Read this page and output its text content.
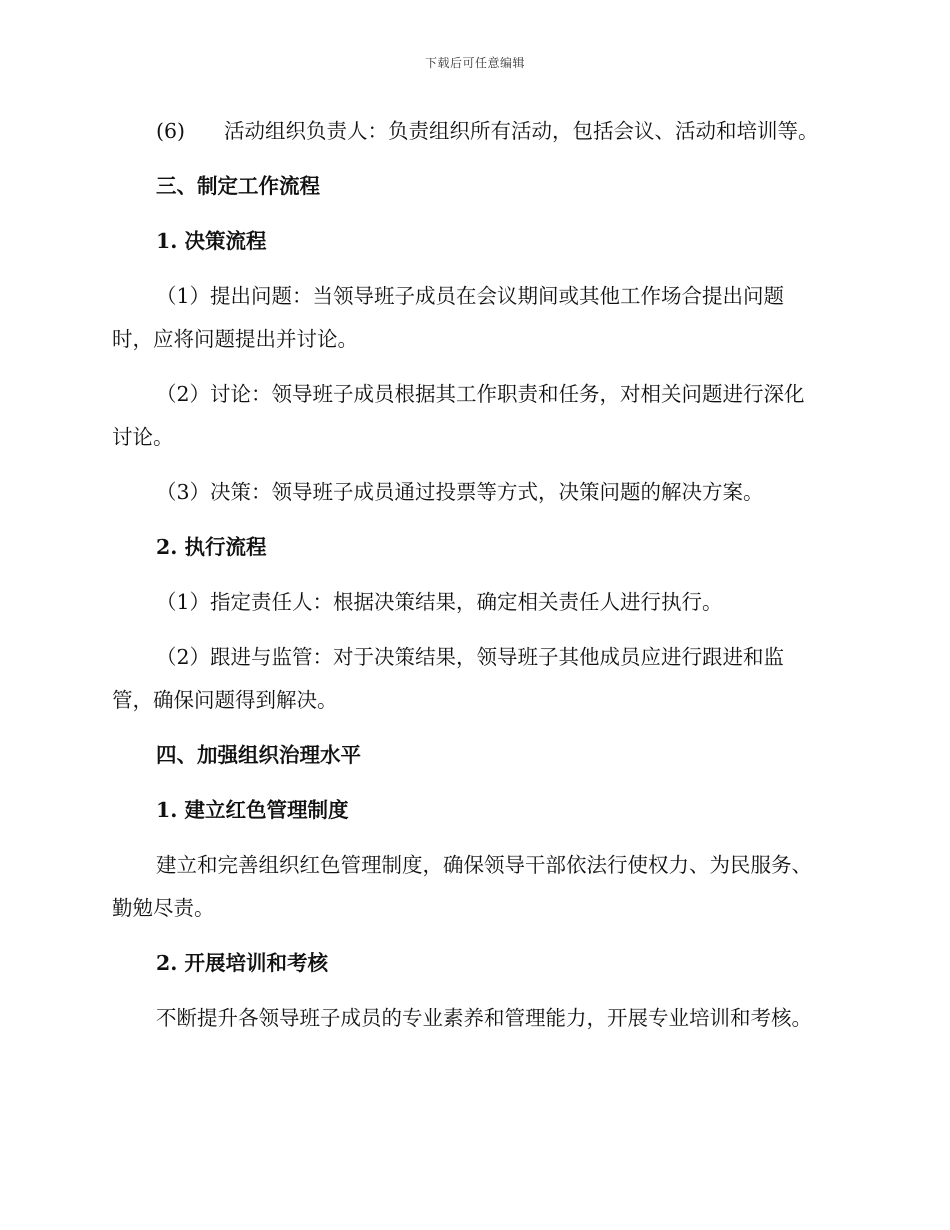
下载后可任意编辑

(6) 活动组织负责人：负责组织所有活动，包括会议、活动和培训等。

三、制定工作流程
1. 决策流程

（1）提出问题：当领导班子成员在会议期间或其他工作场合提出问题时，应将问题提出并讨论。

（2）讨论：领导班子成员根据其工作职责和任务，对相关问题进行深化讨论。

（3）决策：领导班子成员通过投票等方式，决策问题的解决方案。

2. 执行流程

（1）指定责任人：根据决策结果，确定相关责任人进行执行。

（2）跟进与监管：对于决策结果，领导班子其他成员应进行跟进和监管，确保问题得到解决。

四、加强组织治理水平
1. 建立红色管理制度

建立和完善组织红色管理制度，确保领导干部依法行使权力、为民服务、勤勉尽责。

2. 开展培训和考核

不断提升各领导班子成员的专业素养和管理能力，开展专业培训和考核。
